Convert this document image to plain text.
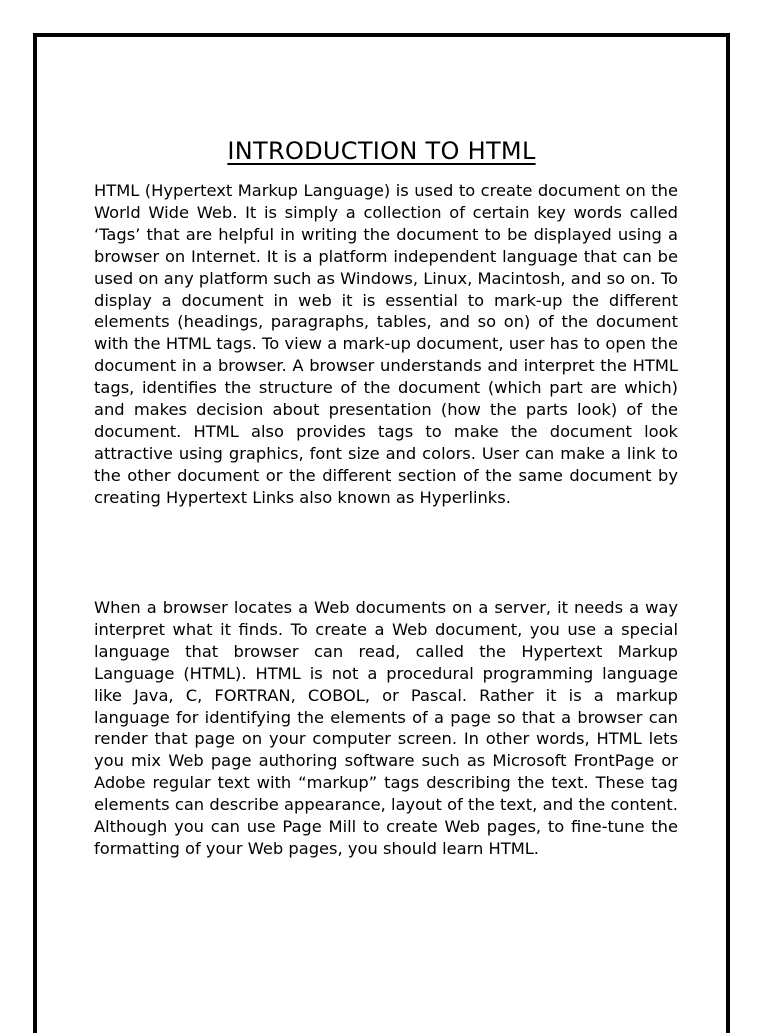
INTRODUCTION TO HTML

HTML (Hypertext Markup Language) is used to create document on the World Wide Web. It is simply a collection of certain key words called ‘Tags’ that are helpful in writing the document to be displayed using a browser on Internet. It is a platform independent language that can be used on any platform such as Windows, Linux, Macintosh, and so on. To display a document in web it is essential to mark-up the different elements (headings, paragraphs, tables, and so on) of the document with the HTML tags. To view a mark-up document, user has to open the document in a browser. A browser understands and interpret the HTML tags, identifies the structure of the document (which part are which) and makes decision about presentation (how the parts look) of the document. HTML also provides tags to make the document look attractive using graphics, font size and colors. User can make a link to the other document or the different section of the same document by creating Hypertext Links also known as Hyperlinks.

When a browser locates a Web documents on a server, it needs a way interpret what it finds. To create a Web document, you use a special language that browser can read, called the Hypertext Markup Language (HTML). HTML is not a procedural programming language like Java, C, FORTRAN, COBOL, or Pascal. Rather it is a markup language for identifying the elements of a page so that a browser can render that page on your computer screen. In other words, HTML lets you mix Web page authoring software such as Microsoft FrontPage or Adobe regular text with “markup” tags describing the text. These tag elements can describe appearance, layout of the text, and the content. Although you can use Page Mill to create Web pages, to fine-tune the formatting of your Web pages, you should learn HTML.
